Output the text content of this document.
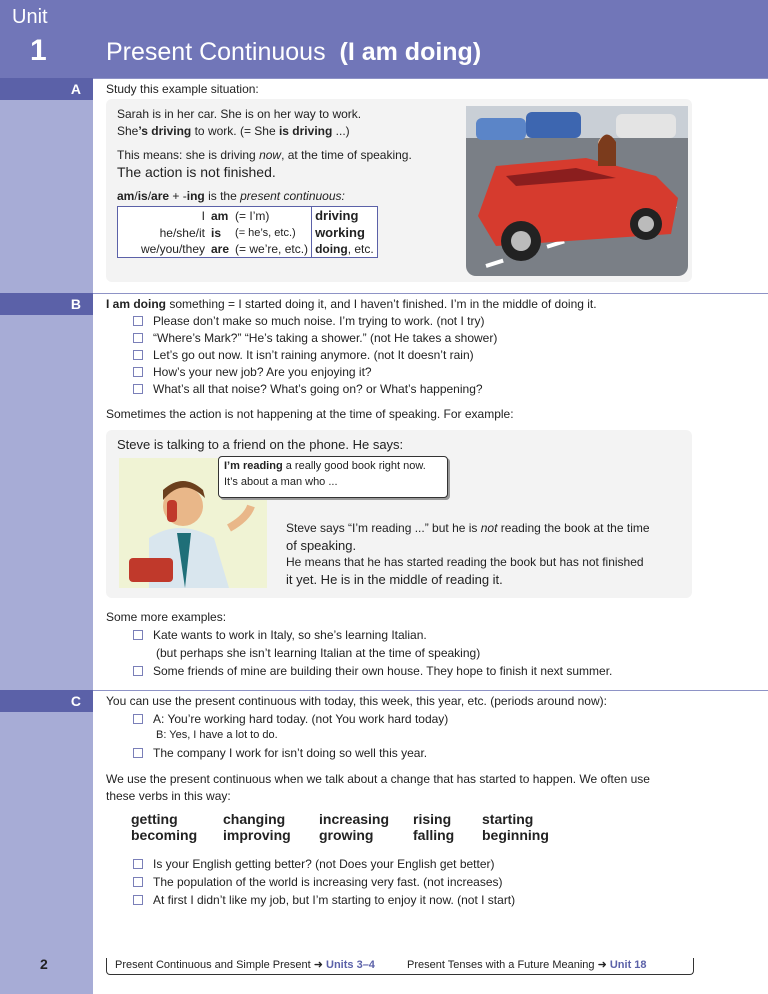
Unit
1 Present Continuous (I am doing)
A	Study this example situation:
Sarah is in her car. She is on her way to work.
She’s driving to work. (= She is driving ...)
This means: she is driving now, at the time of speaking.
The action is not finished.
am/is/are + -ing is the present continuous:
I	am	(= I’m)	driving
he/she/it	is	(= he’s, etc.)	working
we/you/they	are	(= we’re, etc.)	doing, etc.
B	I am doing something = I started doing it, and I haven’t finished. I’m in the middle of doing it.
Please don’t make so much noise. I’m trying to work. (not I try)
“Where’s Mark?” “He’s taking a shower.” (not He takes a shower)
Let’s go out now. It isn’t raining anymore. (not It doesn’t rain)
How’s your new job? Are you enjoying it?
What’s all that noise? What’s going on? or What’s happening?
Sometimes the action is not happening at the time of speaking. For example:
Steve is talking to a friend on the phone. He says:
I’m reading a really good book right now.
It’s about a man who ...
Steve says “I’m reading ...” but he is not reading the book at the time
of speaking.
He means that he has started reading the book but has not finished
it yet. He is in the middle of reading it.
Some more examples:
Kate wants to work in Italy, so she’s learning Italian.
(but perhaps she isn’t learning Italian at the time of speaking)
Some friends of mine are building their own house. They hope to finish it next summer.
C	You can use the present continuous with today, this week, this year, etc. (periods around now):
A: You’re working hard today. (not You work hard today)
B: Yes, I have a lot to do.
The company I work for isn’t doing so well this year.
We use the present continuous when we talk about a change that has started to happen. We often use
these verbs in this way:
getting	changing	increasing	rising	starting
becoming	improving	growing	falling	beginning
Is your English getting better? (not Does your English get better)
The population of the world is increasing very fast. (not increases)
At first I didn’t like my job, but I’m starting to enjoy it now. (not I start)
2	Present Continuous and Simple Present ➜ Units 3–4	Present Tenses with a Future Meaning ➜ Unit 18
